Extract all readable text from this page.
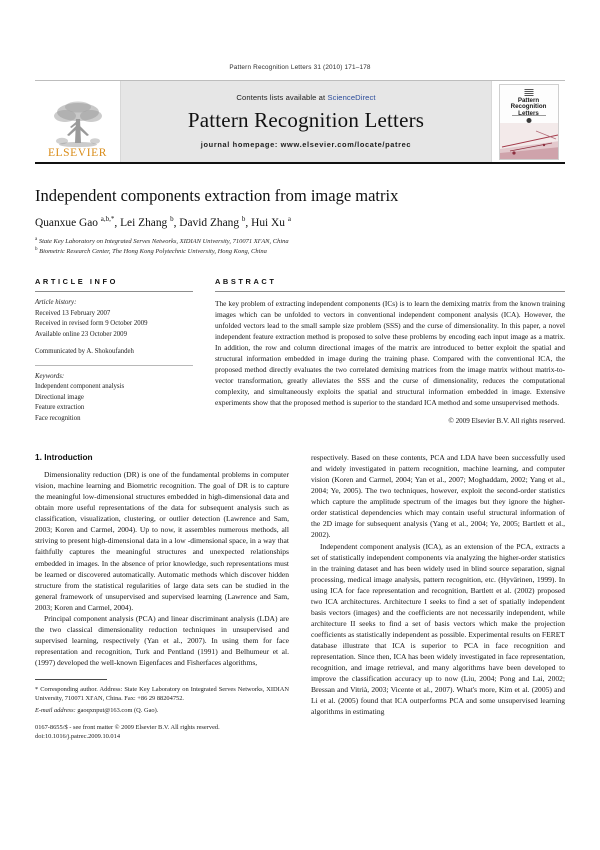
Pattern Recognition Letters 31 (2010) 171–178
ELSEVIER
Contents lists available at ScienceDirect
Pattern Recognition Letters
journal homepage: www.elsevier.com/locate/patrec
Pattern Recognition

Independent components extraction from image matrix
Quanxue Gao $^{a,b,*}$, Lei Zhang $^b$, David Zhang $^b$, Hui Xu $^a$
$^a$ State Key Laboratory on Integrated Serves Networks, XIDIAN University, 710071 XI'AN, China
$^b$ Biometric Research Center, The Hong Kong Polytechnic University, Hong Kong, China
ARTICLE INFO
Article history:
Received 13 February 2007
Received in revised form 9 October 2009
Available online 23 October 2009
Communicated by A. Shokoufandeh
Keywords:
Independent component analysis
Directional image
Feature extraction
Face recognition
ABSTRACT
The key problem of extracting independent components (ICs) is to learn the demixing matrix from the known training images which can be unfolded to vectors in conventional independent component analysis (ICA). However, the unfolded vectors lead to the small sample size problem (SSS) and the curse of dimensionality. In this paper, a novel independent feature extraction method is proposed to solve these problems by encoding each input image as a matrix. In addition, the row and column directional images of the matrix are introduced to better exploit the spatial and structural information embedded in image during the training phase. Compared with the conventional ICA, the proposed method directly evaluates the two correlated demixing matrices from the image matrix without matrix-to-vector transformation, greatly alleviates the SSS and the curse of dimensionality, reduces the computational complexity, and simultaneously exploits the spatial and structural information embedded in image. Extensive experiments show that the proposed method is superior to the standard ICA method and some unsupervised methods.
© 2009 Elsevier B.V. All rights reserved.
1. Introduction

Dimensionality reduction (DR) is one of the fundamental problems in computer vision, machine learning and Biometric recognition. The goal of DR is to capture the meaningful low-dimensional structures embedded in high-dimensional data and obtain more useful representations of the data for subsequent analysis such as classification, visualization, clustering, or outlier detection (Lawrence and Sam, 2003; Koren and Carmel, 2004). Up to now, it assembles numerous methods, all striving to present high-dimensional data in a low -dimensional space, in a way that faithfully captures the meaningful structures and unexpected relationships embedded in images. In the absence of prior knowledge, such representations must be learned or discovered automatically. Automatic methods which discover hidden structure from the statistical regularities of large data sets can be studied in the general framework of unsupervised and supervised learning (Lawrence and Sam, 2003; Koren and Carmel, 2004).

Principal component analysis (PCA) and linear discriminant analysis (LDA) are the two classical dimensionality reduction techniques in unsupervised and supervised learning, respectively (Yan et al., 2007). In using them for face representation and recognition, Turk and Pentland (1991) and Belhumeur et al. (1997) developed the well-known Eigenfaces and Fisherfaces algorithms,

* Corresponding author. Address: State Key Laboratory on Integrated Serves Networks, XIDIAN University, 710071 XI'AN, China. Fax: +86 29 88204752.
E-mail address: gaoqxnput@163.com (Q. Gao).
0167-8655/$ - see front matter © 2009 Elsevier B.V. All rights reserved.
doi:10.1016/j.patrec.2009.10.014

respectively. Based on these contents, PCA and LDA have been successfully used and widely investigated in pattern recognition, machine learning, and computer vision (Koren and Carmel, 2004; Yan et al., 2007; Moghaddam, 2002; Yang et al., 2004; Ye, 2005). The two techniques, however, exploit the second-order statistics which capture the amplitude spectrum of the images but they ignore the higher-order statistical dependencies which may contain useful structural information of the 2D image for subsequent analysis (Yang et al., 2004; Ye, 2005; Bartlett et al., 2002).

Independent component analysis (ICA), as an extension of the PCA, extracts a set of statistically independent components via analyzing the higher-order statistics in the training dataset and has been widely used in blind source separation, signal processing, medical image analysis, pattern recognition, etc. (Hyvärinen, 1999). In using ICA for face representation and recognition, Bartlett et al. (2002) proposed two ICA architectures. Architecture I seeks to find a set of spatially independent basis vectors (images) and the coefficients are not necessarily independent, while architecture II seeks to find a set of basis vectors which make the projection coefficients as statistically independent as possible. Experimental results on FERET database illustrate that ICA is superior to PCA in face recognition and representation. Since then, ICA has been widely investigated in face representation, recognition, and image retrieval, and many algorithms have been developed to improve the classification accuracy up to now (Liu, 2004; Pong and Lai, 2002; Bressan and Vitrià, 2003; Vicente et al., 2007). What's more, Kim et al. (2005) and Li et al. (2005) found that ICA outperforms PCA and some unsupervised learning algorithms in estimating
